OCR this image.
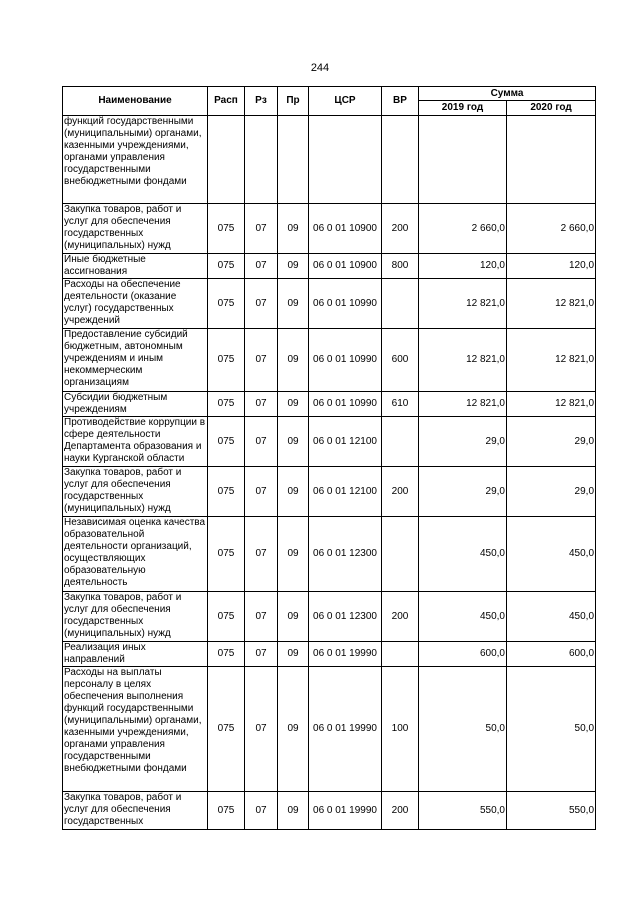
244
Наименование	Расп	Рз	Пр	ЦСР	ВР	Сумма	
						2019 год	2020 год
функций государственными (муниципальными) органами, казенными учреждениями, органами управления государственными внебюджетными фондами							
Закупка товаров, работ и услуг для обеспечения государственных (муниципальных) нужд	075	07	09	06 0 01 10900	200	2 660,0	2 660,0
Иные бюджетные ассигнования	075	07	09	06 0 01 10900	800	120,0	120,0
Расходы на обеспечение деятельности (оказание услуг) государственных учреждений	075	07	09	06 0 01 10990		12 821,0	12 821,0
Предоставление субсидий бюджетным, автономным учреждениям и иным некоммерческим организациям	075	07	09	06 0 01 10990	600	12 821,0	12 821,0
Субсидии бюджетным учреждениям	075	07	09	06 0 01 10990	610	12 821,0	12 821,0
Противодействие коррупции в сфере деятельности Департамента образования и науки Курганской области	075	07	09	06 0 01 12100		29,0	29,0
Закупка товаров, работ и услуг для обеспечения государственных (муниципальных) нужд	075	07	09	06 0 01 12100	200	29,0	29,0
Независимая оценка качества образовательной деятельности организаций, осуществляющих образовательную деятельность	075	07	09	06 0 01 12300		450,0	450,0
Закупка товаров, работ и услуг для обеспечения государственных (муниципальных) нужд	075	07	09	06 0 01 12300	200	450,0	450,0
Реализация иных направлений	075	07	09	06 0 01 19990		600,0	600,0
Расходы на выплаты персоналу в целях обеспечения выполнения функций государственными (муниципальными) органами, казенными учреждениями, органами управления государственными внебюджетными фондами	075	07	09	06 0 01 19990	100	50,0	50,0
Закупка товаров, работ и услуг для обеспечения государственных	075	07	09	06 0 01 19990	200	550,0	550,0
